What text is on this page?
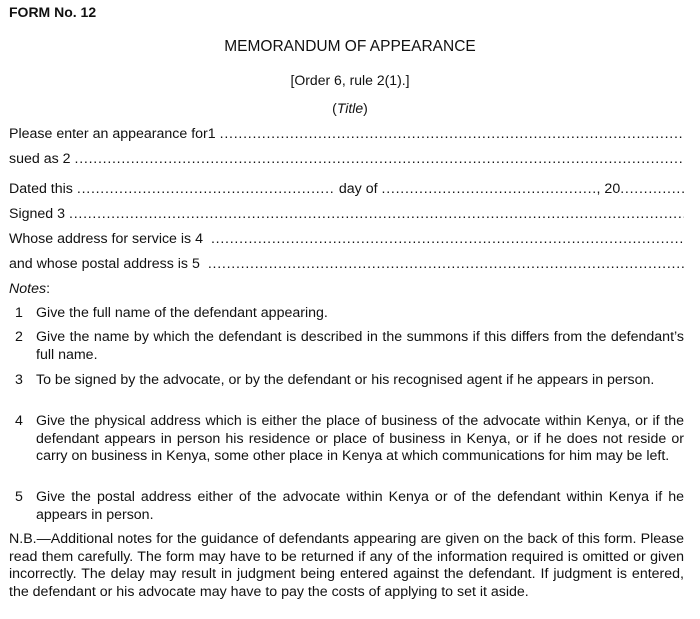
FORM No. 12
MEMORANDUM OF APPEARANCE
[Order 6, rule 2(1).]
(Title)
Please enter an appearance for1
. . .
sued as 2
. . .
Dated this . . .	day of . . .	, 20
. . .
Signed 3
. . .
Whose address for service is 4
. . .
and whose postal address is 5
. . .
Notes:
1 Give the full name of the defendant appearing.
2 Give the name by which the defendant is described in the summons if this differs from the defendant’s full name.
3 To be signed by the advocate, or by the defendant or his recognised agent if he appears in person.
4 Give the physical address which is either the place of business of the advocate within Kenya, or if the defendant appears in person his residence or place of business in Kenya, or if he does not reside or carry on business in Kenya, some other place in Kenya at which communications for him may be left.
5 Give the postal address either of the advocate within Kenya or of the defendant within Kenya if he appears in person.
N.B.—Additional notes for the guidance of defendants appearing are given on the back of this form. Please read them carefully. The form may have to be returned if any of the information required is omitted or given incorrectly. The delay may result in judgment being entered against the defendant. If judgment is entered, the defendant or his advocate may have to pay the costs of applying to set it aside.
